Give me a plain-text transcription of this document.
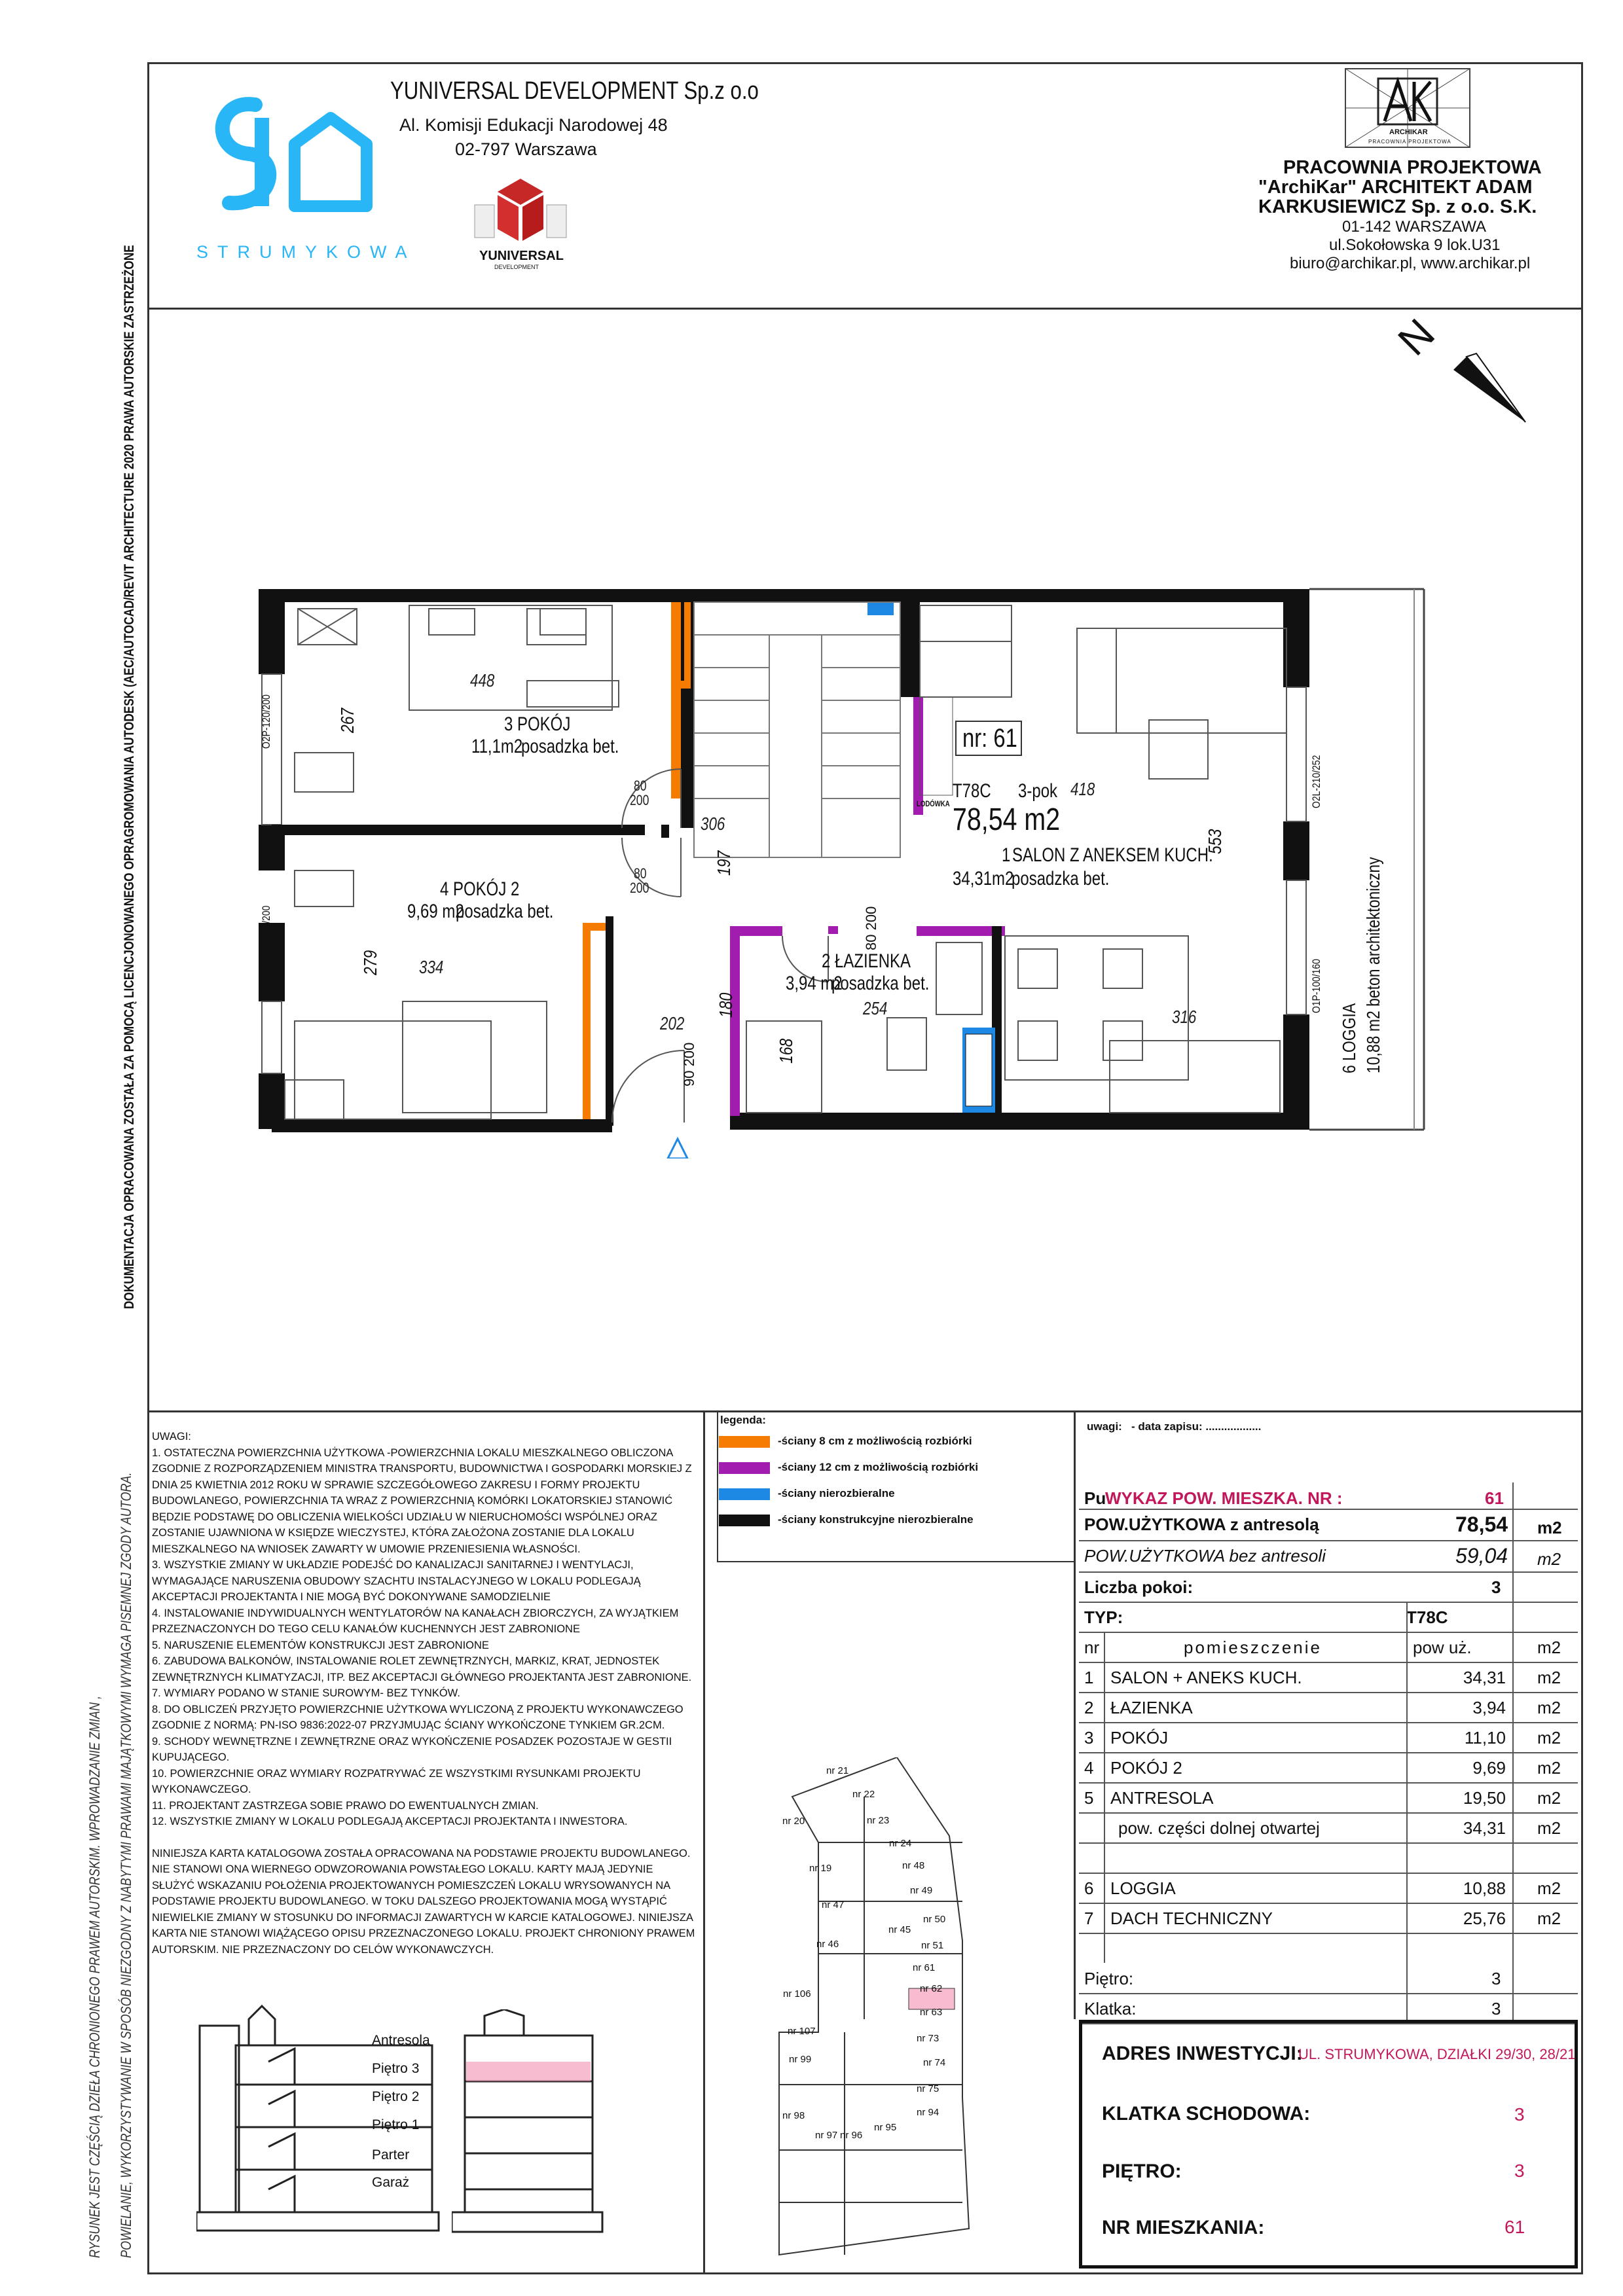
DOKUMENTACJA OPRACOWANA ZOSTAŁA ZA POMOCĄ LICENCJONOWANEGO OPRAGROMOWANIA AUTODESK (AEC/AUTOCAD/REVIT ARCHITECTURE 2020 PRAWA AUTORSKIE ZASTRZEŻONE
RYSUNEK JEST CZĘŚCIĄ DZIEŁA CHRONIONEGO PRAWEM AUTORSKIM. WPROWADZANIE ZMIAN , POWIELANIE, WYKORZYSTYWANIE W SPOSÓB NIEZGODNY Z NABYTYMI PRAWAMI MAJĄTKOWYMI WYMAGA PISEMNEJ ZGODY AUTORA.
STRUMYKOWA
YUNIVERSAL DEVELOPMENT Sp.z o.o
Al. Komisji Edukacji Narodowej 48
02-797 Warszawa
YUNIVERSAL
DEVELOPMENT
ARCHIKAR
PRACOWNIA PROJEKTOWA
PRACOWNIA PROJEKTOWA
"ArchiKar" ARCHITEKT ADAM
KARKUSIEWICZ Sp. z o.o. S.K.
01-142 WARSZAWA
ul.Sokołowska 9 lok.U31
biuro@archikar.pl, www.archikar.pl
N
nr: 61
T78C 3-pok
78,54 m2
LODÓWKA
3 POKÓJ
11,1m2
posadzka bet.
4 POKÓJ 2
9,69 m2
posadzka bet.
1 SALON Z ANEKSEM KUCH.
34,31m2
posadzka bet.
2 ŁAZIENKA
3,94 m2
posadzka bet.
6 LOGGIA 10,88 m2 beton architektoniczny
448
267
306
197
418
553
279 334
202
180	254
168
316
80
200
80
200
80 200
90 200
O2P-120/200
O4L-100/200
O2L-210/252
O1P-100/160
UWAGI:
1. OSTATECZNA POWIERZCHNIA UŻYTKOWA -POWIERZCHNIA LOKALU MIESZKALNEGO OBLICZONA ZGODNIE Z ROZPORZĄDZENIEM MINISTRA TRANSPORTU, BUDOWNICTWA I GOSPODARKI MORSKIEJ Z DNIA 25 KWIETNIA 2012 ROKU W SPRAWIE SZCZEGÓŁOWEGO ZAKRESU I FORMY PROJEKTU BUDOWLANEGO, POWIERZCHNIA TA WRAZ Z POWIERZCHNIĄ KOMÓRKI LOKATORSKIEJ STANOWIĆ BĘDZIE PODSTAWĘ DO OBLICZENIA WIELKOŚCI UDZIAŁU W NIERUCHOMOŚCI WSPÓLNEJ ORAZ ZOSTANIE UJAWNIONA W KSIĘDZE WIECZYSTEJ, KTÓRA ZAŁOŻONA ZOSTANIE DLA LOKALU MIESZKALNEGO NA WNIOSEK ZAWARTY W UMOWIE PRZENIESIENIA WŁASNOŚCI.
3. WSZYSTKIE ZMIANY W UKŁADZIE PODEJŚĆ DO KANALIZACJI SANITARNEJ I WENTYLACJI, WYMAGAJĄCE NARUSZENIA OBUDOWY SZACHTU INSTALACYJNEGO W LOKALU PODLEGAJĄ AKCEPTACJI PROJEKTANTA I NIE MOGĄ BYĆ DOKONYWANE SAMODZIELNIE
4. INSTALOWANIE INDYWIDUALNYCH WENTYLATORÓW NA KANAŁACH ZBIORCZYCH, ZA WYJĄTKIEM PRZEZNACZONYCH DO TEGO CELU KANAŁÓW KUCHENNYCH JEST ZABRONIONE
5. NARUSZENIE ELEMENTÓW KONSTRUKCJI JEST ZABRONIONE
6. ZABUDOWA BALKONÓW, INSTALOWANIE ROLET ZEWNĘTRZNYCH, MARKIZ, KRAT, JEDNOSTEK ZEWNĘTRZNYCH KLIMATYZACJI, ITP. BEZ AKCEPTACJI GŁÓWNEGO PROJEKTANTA JEST ZABRONIONE.
7. WYMIARY PODANO W STANIE SUROWYM- BEZ TYNKÓW.
8. DO OBLICZEŃ PRZYJĘTO POWIERZCHNIE UŻYTKOWA WYLICZONĄ Z PROJEKTU WYKONAWCZEGO ZGODNIE Z NORMĄ: PN-ISO 9836:2022-07 PRZYJMUJĄC ŚCIANY WYKOŃCZONE TYNKIEM GR.2CM.
9. SCHODY WEWNĘTRZNE I ZEWNĘTRZNE ORAZ WYKOŃCZENIE POSADZEK POZOSTAJE W GESTII KUPUJĄCEGO.
10. POWIERZCHNIE ORAZ WYMIARY ROZPATRYWAĆ ZE WSZYSTKIMI RYSUNKAMI PROJEKTU WYKONAWCZEGO.
11. PROJEKTANT ZASTRZEGA SOBIE PRAWO DO EWENTUALNYCH ZMIAN.
12. WSZYSTKIE ZMIANY W LOKALU PODLEGAJĄ AKCEPTACJI PROJEKTANTA I INWESTORA.
NINIEJSZA KARTA KATALOGOWA ZOSTAŁA OPRACOWANA NA PODSTAWIE PROJEKTU BUDOWLANEGO. NIE STANOWI ONA WIERNEGO ODWZOROWANIA POWSTAŁEGO LOKALU. KARTY MAJĄ JEDYNIE SŁUŻYĆ WSKAZANIU POŁOŻENIA PROJEKTOWANYCH POMIESZCZEŃ LOKALU WRYSOWANYCH NA PODSTAWIE PROJEKTU BUDOWLANEGO. W TOKU DALSZEGO PROJEKTOWANIA MOGĄ WYSTĄPIĆ NIEWIELKIE ZMIANY W STOSUNKU DO INFORMACJI ZAWARTYCH W KARCIE KATALOGOWEJ. NINIEJSZA KARTA NIE STANOWI WIĄŻĄCEGO OPISU PRZEZNACZONEGO LOKALU. PROJEKT CHRONIONY PRAWEM AUTORSKIM. NIE PRZEZNACZONY DO CELÓW WYKONAWCZYCH.
legenda:
-ściany 8 cm z możliwością rozbiórki
-ściany 12 cm z możliwością rozbiórki
-ściany nierozbieralne
-ściany konstrukcyjne nierozbieralne
uwagi:   - data zapisu: ..................
Antresola
Piętro 3
Piętro 2
Piętro 1
Parter
Garaż
nr 21
nr 22
nr 20	nr 23
nr 24
nr 19	nr 48
nr 49
nr 47
nr 50
nr 45
nr 46	nr 51
nr 61
nr 62
nr 106
nr 63
nr 107
nr 73
nr 74
nr 99
nr 75
nr 98	nr 94
nr 97 nr 96
nr 95
Pu
WYKAZ POW. MIESZKA. NR :	61
POW.UŻYTKOWA z antresolą	78,54 m2
POW.UŻYTKOWA bez antresoli	59,04 m2
Liczba pokoi:	3
TYP:	T78C
nr	pomieszczenie	pow uż.	m2
1 SALON + ANEKS KUCH.	34,31 m2
2 ŁAZIENKA	3,94 m2
3 POKÓJ	11,10 m2
4 POKÓJ 2	9,69 m2
5 ANTRESOLA	19,50 m2
pow. części dolnej otwartej	34,31 m2
6 LOGGIA	10,88 m2
7 DACH TECHNICZNY	25,76 m2
Piętro:	3
Klatka:	3
ADRES INWESTYCJI:
UL. STRUMYKOWA, DZIAŁKI 29/30, 28/21
KLATKA SCHODOWA:	3
PIĘTRO:	3
NR MIESZKANIA:	61
